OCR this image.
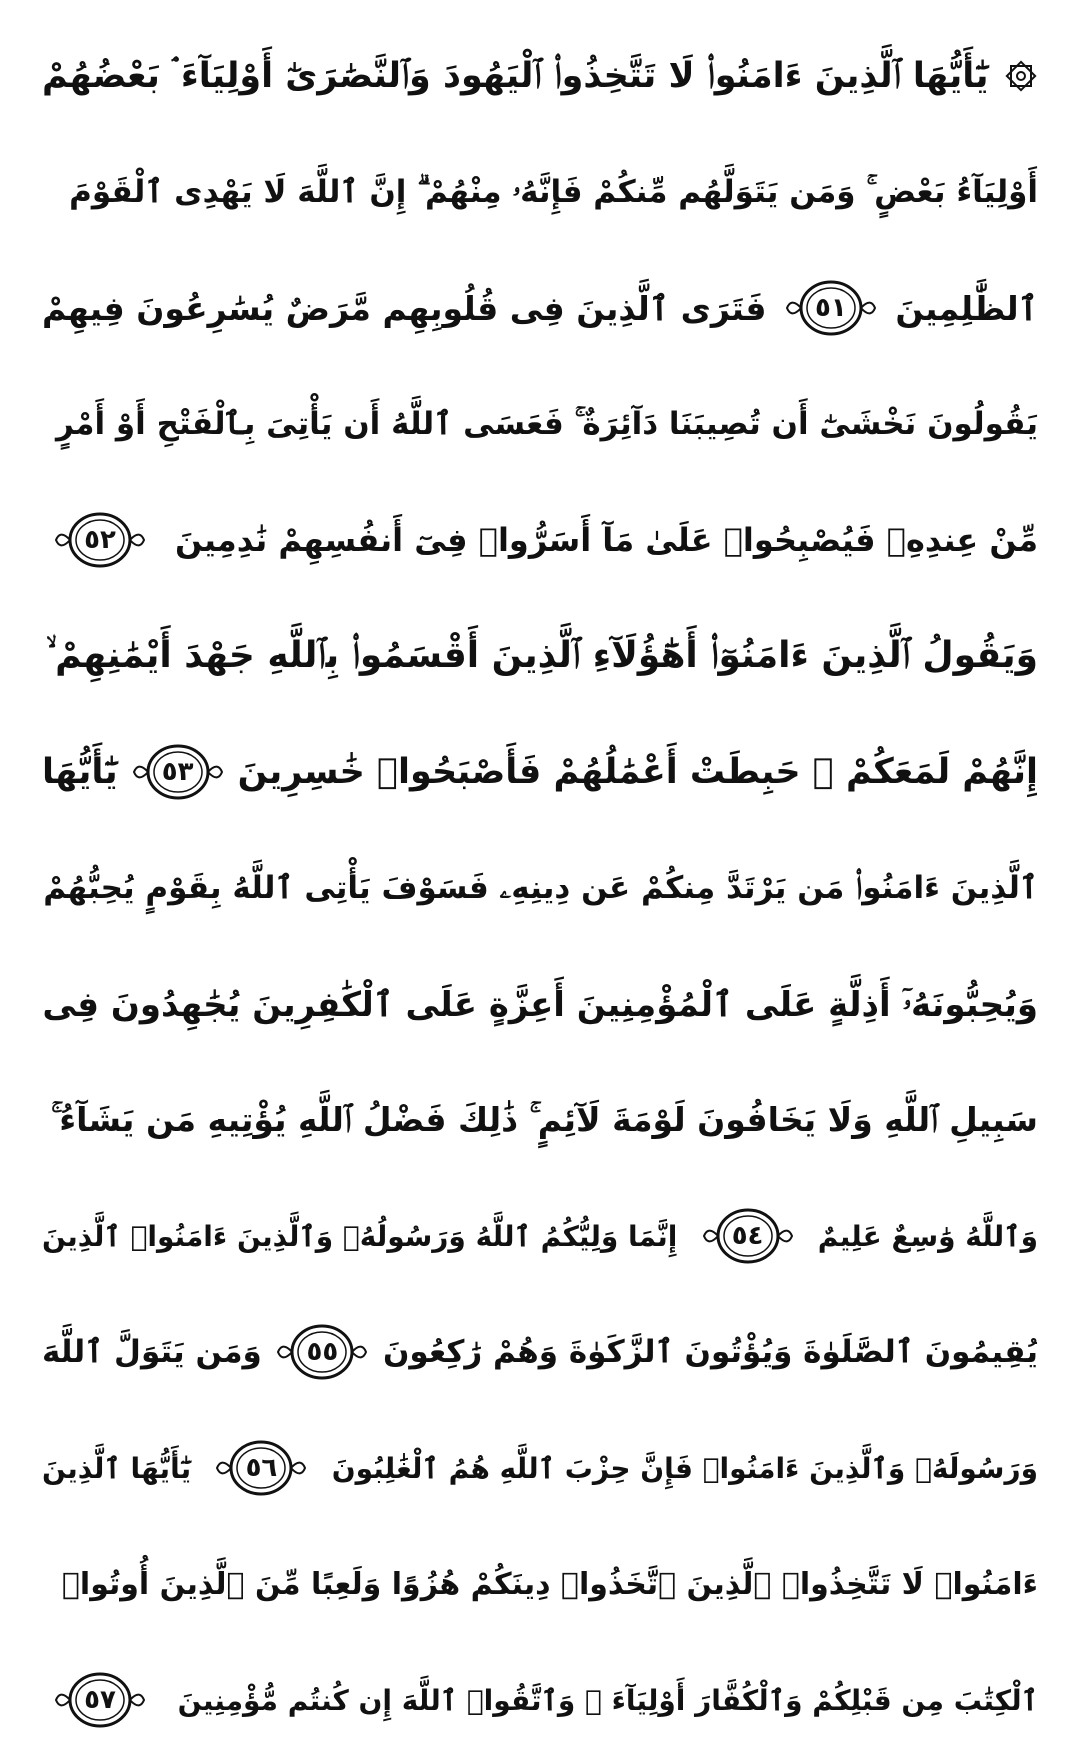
يَٰٓأَيُّهَا ٱلَّذِينَ ءَامَنُوا۟ لَا تَتَّخِذُوا۟ ٱلْيَهُودَ وَٱلنَّصَٰرَىٰٓ أَوْلِيَآءَ ۘ بَعْضُهُمْ
أَوْلِيَآءُ بَعْضٍ ۚ وَمَن يَتَوَلَّهُم مِّنكُمْ فَإِنَّهُۥ مِنْهُمْ ۗ إِنَّ ٱللَّهَ لَا يَهْدِى ٱلْقَوْمَ
ٱلظَّٰلِمِينَ
٥١
فَتَرَى ٱلَّذِينَ فِى قُلُوبِهِم مَّرَضٌ يُسَٰرِعُونَ فِيهِمْ
يَقُولُونَ نَخْشَىٰٓ أَن تُصِيبَنَا دَآئِرَةٌ ۚ فَعَسَى ٱللَّهُ أَن يَأْتِىَ بِٱلْفَتْحِ أَوْ أَمْرٍ
مِّنْ عِندِهِۦ فَيُصْبِحُوا۟ عَلَىٰ مَآ أَسَرُّوا۟ فِىٓ أَنفُسِهِمْ نَٰدِمِينَ
٥٢
وَيَقُولُ ٱلَّذِينَ ءَامَنُوٓا۟ أَهَٰٓؤُلَآءِ ٱلَّذِينَ أَقْسَمُوا۟ بِٱللَّهِ جَهْدَ أَيْمَٰنِهِمْ ۙ
إِنَّهُمْ لَمَعَكُمْ ۚ حَبِطَتْ أَعْمَٰلُهُمْ فَأَصْبَحُوا۟ خَٰسِرِينَ
٥٣
يَٰٓأَيُّهَا
ٱلَّذِينَ ءَامَنُوا۟ مَن يَرْتَدَّ مِنكُمْ عَن دِينِهِۦ فَسَوْفَ يَأْتِى ٱللَّهُ بِقَوْمٍ يُحِبُّهُمْ
وَيُحِبُّونَهُۥٓ أَذِلَّةٍ عَلَى ٱلْمُؤْمِنِينَ أَعِزَّةٍ عَلَى ٱلْكَٰفِرِينَ يُجَٰهِدُونَ فِى
سَبِيلِ ٱللَّهِ وَلَا يَخَافُونَ لَوْمَةَ لَآئِمٍ ۚ ذَٰلِكَ فَضْلُ ٱللَّهِ يُؤْتِيهِ مَن يَشَآءُ ۚ
وَٱللَّهُ وَٰسِعٌ عَلِيمٌ
٥٤
إِنَّمَا وَلِيُّكُمُ ٱللَّهُ وَرَسُولُهُۥ وَٱلَّذِينَ ءَامَنُوا۟ ٱلَّذِينَ
يُقِيمُونَ ٱلصَّلَوٰةَ وَيُؤْتُونَ ٱلزَّكَوٰةَ وَهُمْ رَٰكِعُونَ
٥٥
وَمَن يَتَوَلَّ ٱللَّهَ
وَرَسُولَهُۥ وَٱلَّذِينَ ءَامَنُوا۟ فَإِنَّ حِزْبَ ٱللَّهِ هُمُ ٱلْغَٰلِبُونَ
٥٦
يَٰٓأَيُّهَا ٱلَّذِينَ
ءَامَنُوا۟ لَا تَتَّخِذُوا۟ ٱلَّذِينَ ٱتَّخَذُوا۟ دِينَكُمْ هُزُوًا وَلَعِبًا مِّنَ ٱلَّذِينَ أُوتُوا۟
ٱلْكِتَٰبَ مِن قَبْلِكُمْ وَٱلْكُفَّارَ أَوْلِيَآءَ ۚ وَٱتَّقُوا۟ ٱللَّهَ إِن كُنتُم مُّؤْمِنِينَ
٥٧
